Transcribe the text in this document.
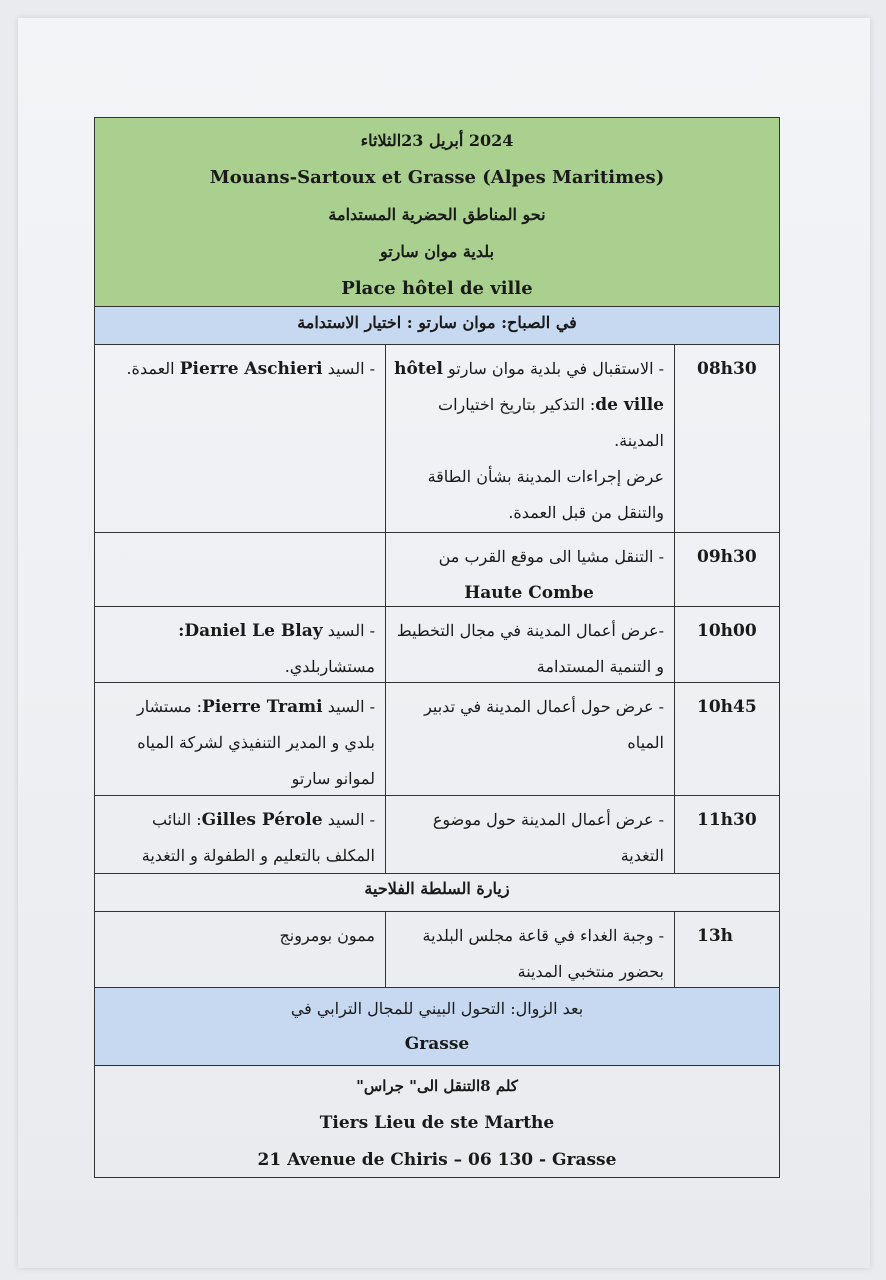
2024 أبريل 23الثلاثاء
Mouans-Sartoux et Grasse (Alpes Maritimes)
نحو المناطق الحضرية المستدامة
بلدية موان سارتو
Place hôtel de ville
في الصباح: موان سارتو : اختيار الاستدامة
08h30
- الاستقبال في بلدية موان سارتو hôtel
de ville: التذكير بتاريخ اختيارات
المدينة.
عرض إجراءات المدينة بشأن الطاقة
والتنقل من قبل العمدة.
- السيد Pierre Aschieri العمدة.
09h30
- التنقل مشيا الى موقع القرب من
Haute Combe
10h00
-عرض أعمال المدينة في مجال التخطيط
و التنمية المستدامة
- السيد Daniel Le Blay:
مستشاربلدي.
10h45
- عرض حول أعمال المدينة في تدبير
المياه
- السيد Pierre Trami: مستشار
بلدي و المدير التنفيذي لشركة المياه
لموانو سارتو
11h30
- عرض أعمال المدينة حول موضوع
التغدية
- السيد Gilles Pérole: النائب
المكلف بالتعليم و الطفولة و التغدية
زيارة السلطة الفلاحية
13h
- وجبة الغداء في قاعة مجلس البلدية
بحضور منتخبي المدينة
ممون بومرونج
بعد الزوال: التحول البيني للمجال الترابي في
Grasse
كلم 8التنقل الى" جراس"
Tiers Lieu de ste Marthe
21 Avenue de Chiris – 06 130 - Grasse
